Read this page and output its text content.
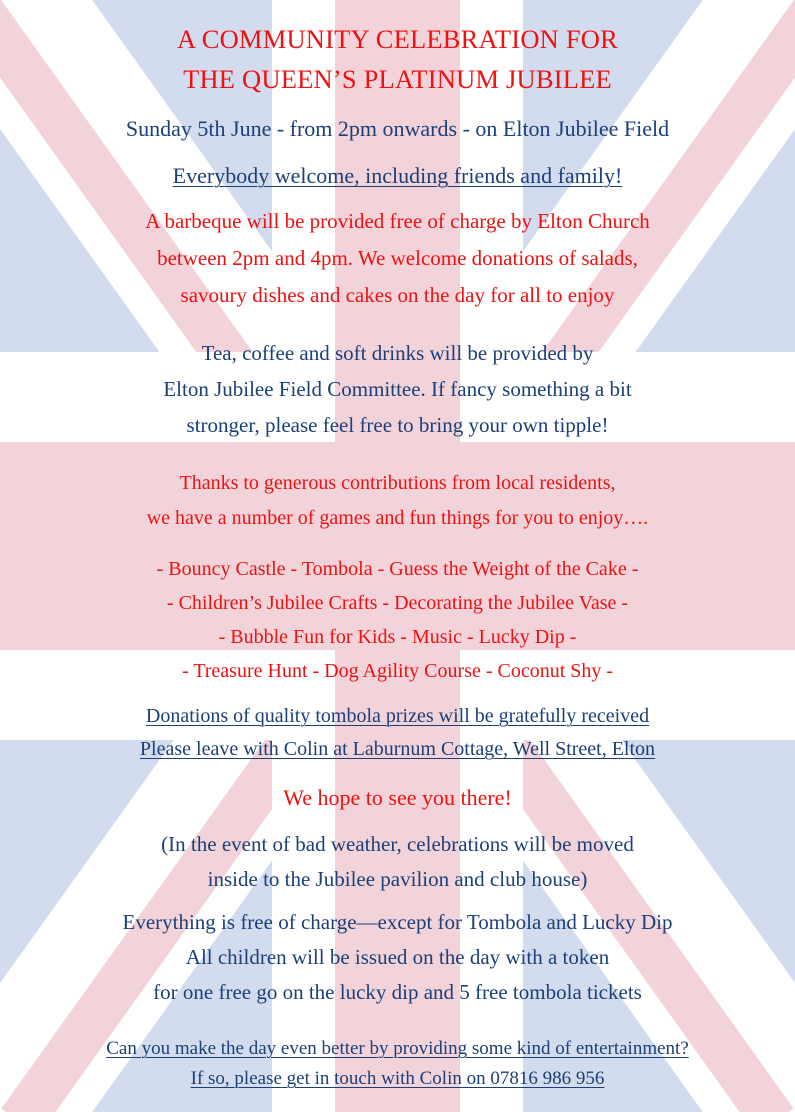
A COMMUNITY CELEBRATION FOR
THE QUEEN’S PLATINUM JUBILEE
Sunday 5th June - from 2pm onwards - on Elton Jubilee Field
Everybody welcome, including friends and family!
A barbeque will be provided free of charge by Elton Church
between 2pm and 4pm. We welcome donations of salads,
savoury dishes and cakes on the day for all to enjoy
Tea, coffee and soft drinks will be provided by
Elton Jubilee Field Committee. If fancy something a bit
stronger, please feel free to bring your own tipple!
Thanks to generous contributions from local residents,
we have a number of games and fun things for you to enjoy….
- Bouncy Castle - Tombola - Guess the Weight of the Cake -
- Children’s Jubilee Crafts - Decorating the Jubilee Vase -
- Bubble Fun for Kids - Music - Lucky Dip -
- Treasure Hunt - Dog Agility Course - Coconut Shy -
Donations of quality tombola prizes will be gratefully received
Please leave with Colin at Laburnum Cottage, Well Street, Elton
We hope to see you there!
(In the event of bad weather, celebrations will be moved
inside to the Jubilee pavilion and club house)
Everything is free of charge—except for Tombola and Lucky Dip
All children will be issued on the day with a token
for one free go on the lucky dip and 5 free tombola tickets
Can you make the day even better by providing some kind of entertainment?
If so, please get in touch with Colin on 07816 986 956
